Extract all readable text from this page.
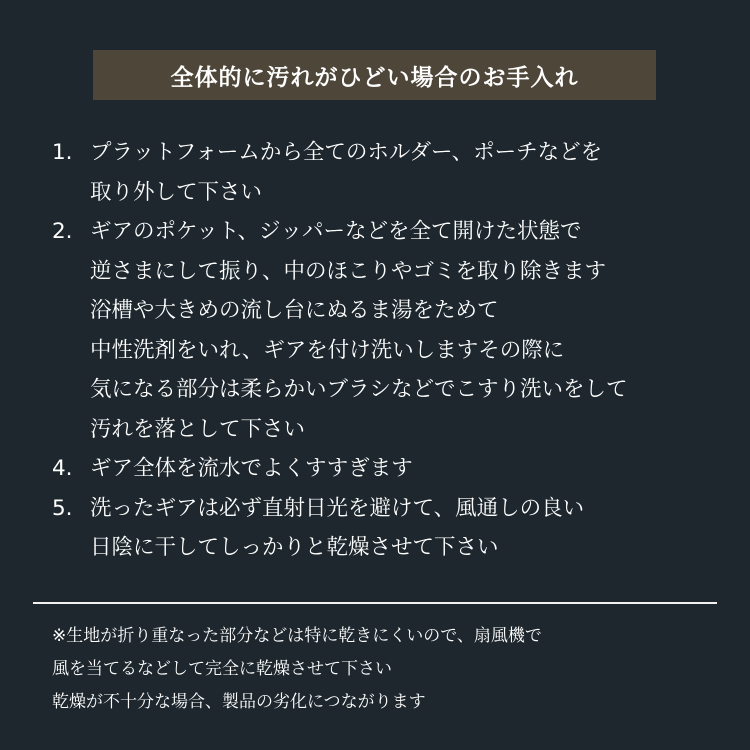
全体的に汚れがひどい場合のお手入れ
1. プラットフォームから全てのホルダー、ポーチなどを
取り外して下さい
2. ギアのポケット、ジッパーなどを全て開けた状態で
逆さまにして振り、中のほこりやゴミを取り除きます
浴槽や大きめの流し台にぬるま湯をためて
中性洗剤をいれ、ギアを付け洗いしますその際に
気になる部分は柔らかいブラシなどでこすり洗いをして
汚れを落として下さい
4. ギア全体を流水でよくすすぎます
5. 洗ったギアは必ず直射日光を避けて、風通しの良い
日陰に干してしっかりと乾燥させて下さい
※生地が折り重なった部分などは特に乾きにくいので、扇風機で
風を当てるなどして完全に乾燥させて下さい
乾燥が不十分な場合、製品の劣化につながります
